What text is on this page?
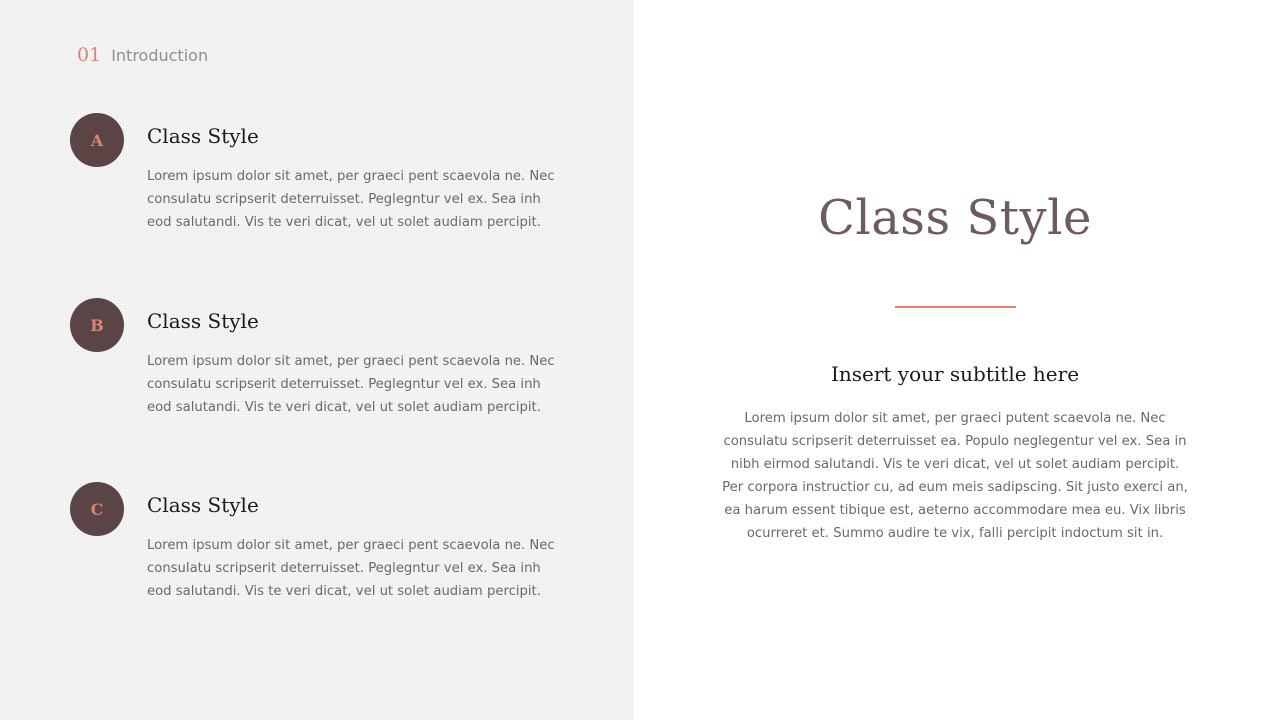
01 Introduction
A	Class Style
Lorem ipsum dolor sit amet, per graeci pent scaevola ne. Nec consulatu scripserit deterruisset. Peglegntur vel ex. Sea inh eod salutandi. Vis te veri dicat, vel ut solet audiam percipit.
B	Class Style
Lorem ipsum dolor sit amet, per graeci pent scaevola ne. Nec consulatu scripserit deterruisset. Peglegntur vel ex. Sea inh eod salutandi. Vis te veri dicat, vel ut solet audiam percipit.
C	Class Style
Lorem ipsum dolor sit amet, per graeci pent scaevola ne. Nec consulatu scripserit deterruisset. Peglegntur vel ex. Sea inh eod salutandi. Vis te veri dicat, vel ut solet audiam percipit.
Class Style
Insert your subtitle here
Lorem ipsum dolor sit amet, per graeci putent scaevola ne. Nec consulatu scripserit deterruisset ea. Populo neglegentur vel ex. Sea in nibh eirmod salutandi. Vis te veri dicat, vel ut solet audiam percipit. Per corpora instructior cu, ad eum meis sadipscing. Sit justo exerci an, ea harum essent tibique est, aeterno accommodare mea eu. Vix libris ocurreret et. Summo audire te vix, falli percipit indoctum sit in.
